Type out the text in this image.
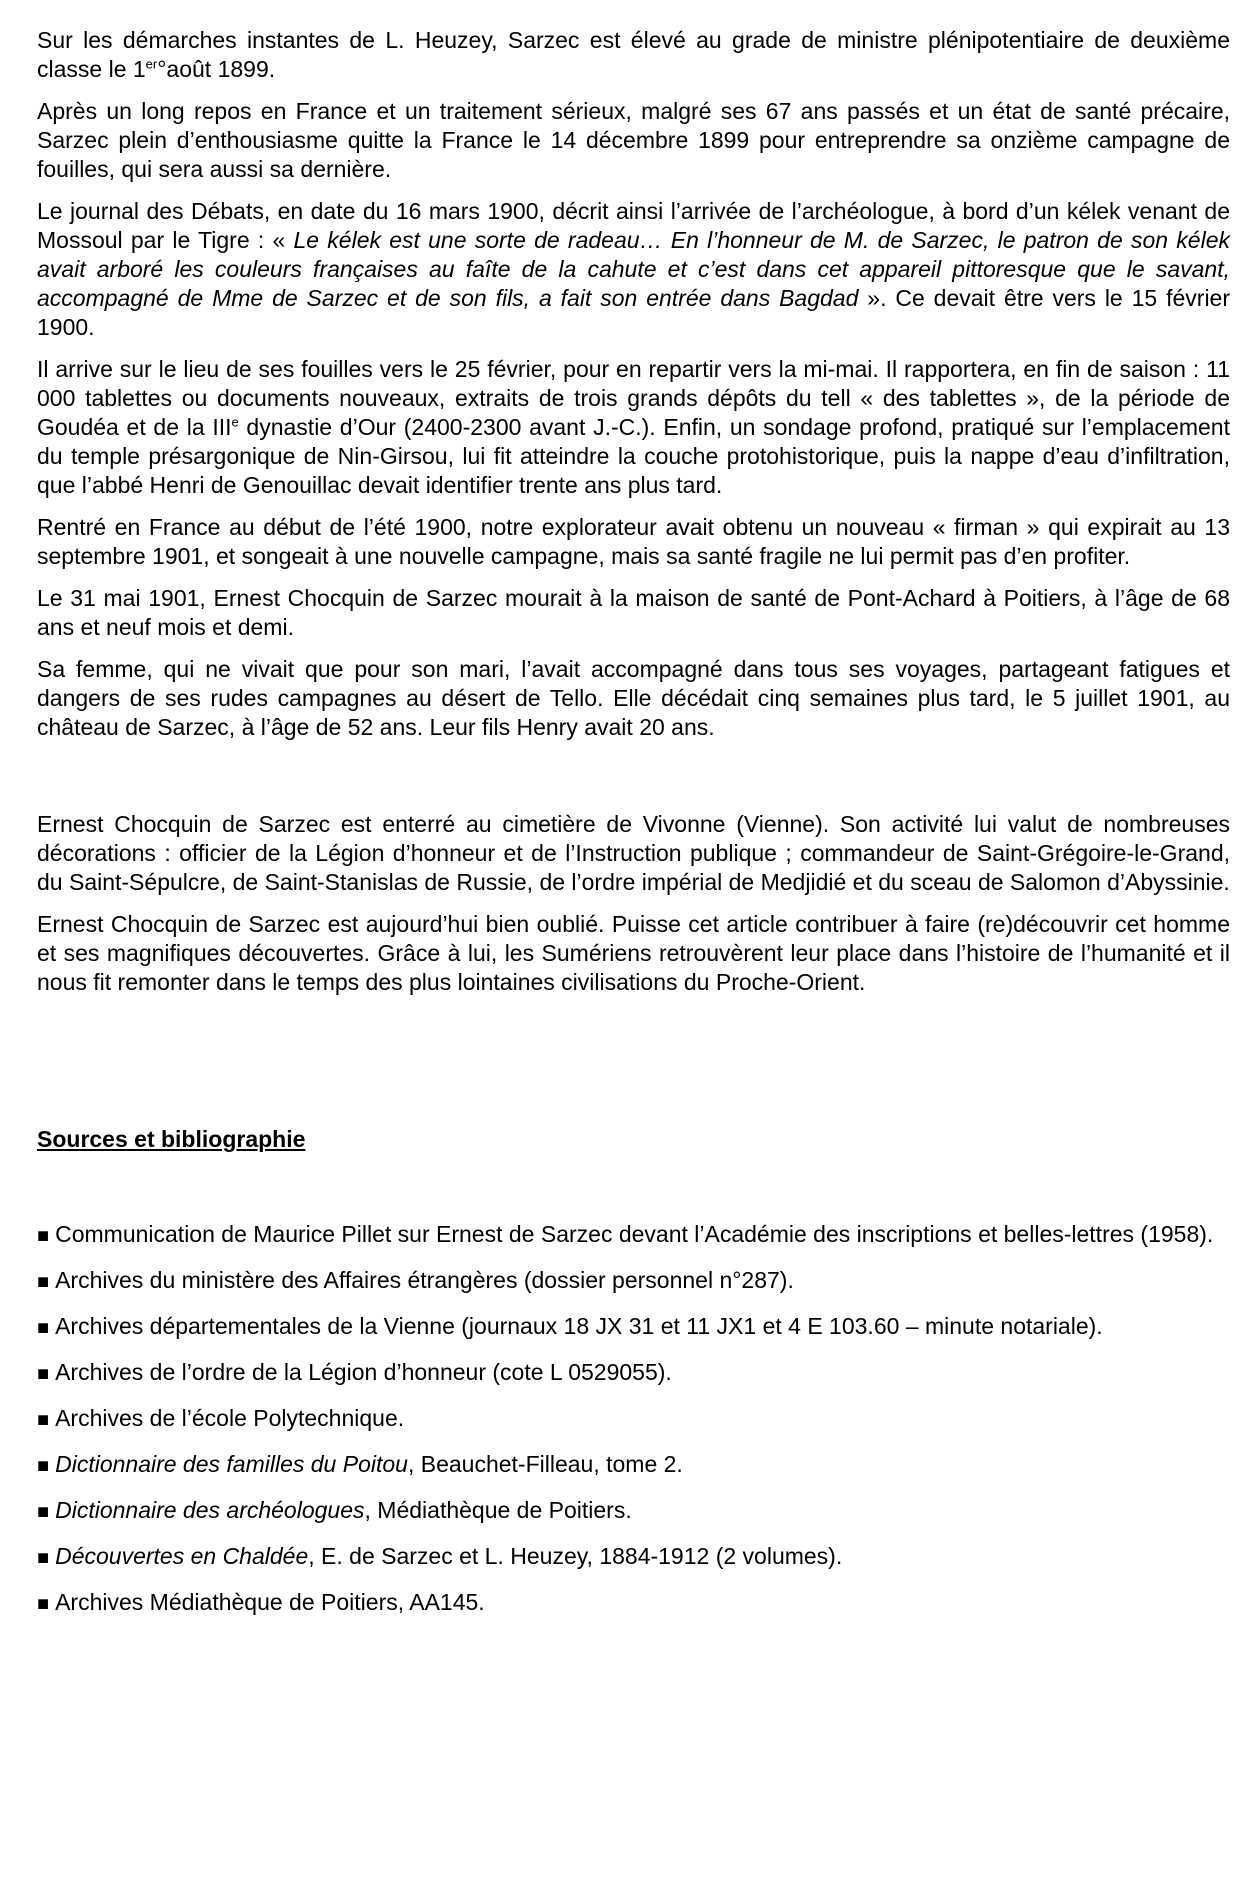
Sur les démarches instantes de L. Heuzey, Sarzec est élevé au grade de ministre plénipotentiaire de deuxième classe le 1er°août 1899.

Après un long repos en France et un traitement sérieux, malgré ses 67 ans passés et un état de santé précaire, Sarzec plein d’enthousiasme quitte la France le 14 décembre 1899 pour entreprendre sa onzième campagne de fouilles, qui sera aussi sa dernière.

Le journal des Débats, en date du 16 mars 1900, décrit ainsi l’arrivée de l’archéologue, à bord d’un kélek venant de Mossoul par le Tigre : « Le kélek est une sorte de radeau… En l’honneur de M. de Sarzec, le patron de son kélek avait arboré les couleurs françaises au faîte de la cahute et c’est dans cet appareil pittoresque que le savant, accompagné de Mme de Sarzec et de son fils, a fait son entrée dans Bagdad ». Ce devait être vers le 15 février 1900.

Il arrive sur le lieu de ses fouilles vers le 25 février, pour en repartir vers la mi-mai. Il rapportera, en fin de saison : 11 000 tablettes ou documents nouveaux, extraits de trois grands dépôts du tell « des tablettes », de la période de Goudéa et de la IIIe dynastie d’Our (2400-2300 avant J.-C.). Enfin, un sondage profond, pratiqué sur l’emplacement du temple présargonique de Nin-Girsou, lui fit atteindre la couche protohistorique, puis la nappe d’eau d’infiltration, que l’abbé Henri de Genouillac devait identifier trente ans plus tard.

Rentré en France au début de l’été 1900, notre explorateur avait obtenu un nouveau « firman » qui expirait au 13 septembre 1901, et songeait à une nouvelle campagne, mais sa santé fragile ne lui permit pas d’en profiter.

Le 31 mai 1901, Ernest Chocquin de Sarzec mourait à la maison de santé de Pont-Achard à Poitiers, à l’âge de 68 ans et neuf mois et demi.

Sa femme, qui ne vivait que pour son mari, l’avait accompagné dans tous ses voyages, partageant fatigues et dangers de ses rudes campagnes au désert de Tello. Elle décédait cinq semaines plus tard, le 5 juillet 1901, au château de Sarzec, à l’âge de 52 ans. Leur fils Henry avait 20 ans.

Ernest Chocquin de Sarzec est enterré au cimetière de Vivonne (Vienne). Son activité lui valut de nombreuses décorations : officier de la Légion d’honneur et de l’Instruction publique ; commandeur de Saint-Grégoire-le-Grand, du Saint-Sépulcre, de Saint-Stanislas de Russie, de l’ordre impérial de Medjidié et du sceau de Salomon d’Abyssinie.

Ernest Chocquin de Sarzec est aujourd’hui bien oublié. Puisse cet article contribuer à faire (re)découvrir cet homme et ses magnifiques découvertes. Grâce à lui, les Sumériens retrouvèrent leur place dans l’histoire de l’humanité et il nous fit remonter dans le temps des plus lointaines civilisations du Proche-Orient.

Sources et bibliographie
■ Communication de Maurice Pillet sur Ernest de Sarzec devant l’Académie des inscriptions et belles-lettres (1958).
■ Archives du ministère des Affaires étrangères (dossier personnel n°287).
■ Archives départementales de la Vienne (journaux 18 JX 31 et 11 JX1 et 4 E 103.60 – minute notariale).
■ Archives de l’ordre de la Légion d’honneur (cote L 0529055).
■ Archives de l’école Polytechnique.
■ Dictionnaire des familles du Poitou, Beauchet-Filleau, tome 2.
■ Dictionnaire des archéologues, Médiathèque de Poitiers.
■ Découvertes en Chaldée, E. de Sarzec et L. Heuzey, 1884-1912 (2 volumes).
■ Archives Médiathèque de Poitiers, AA145.
